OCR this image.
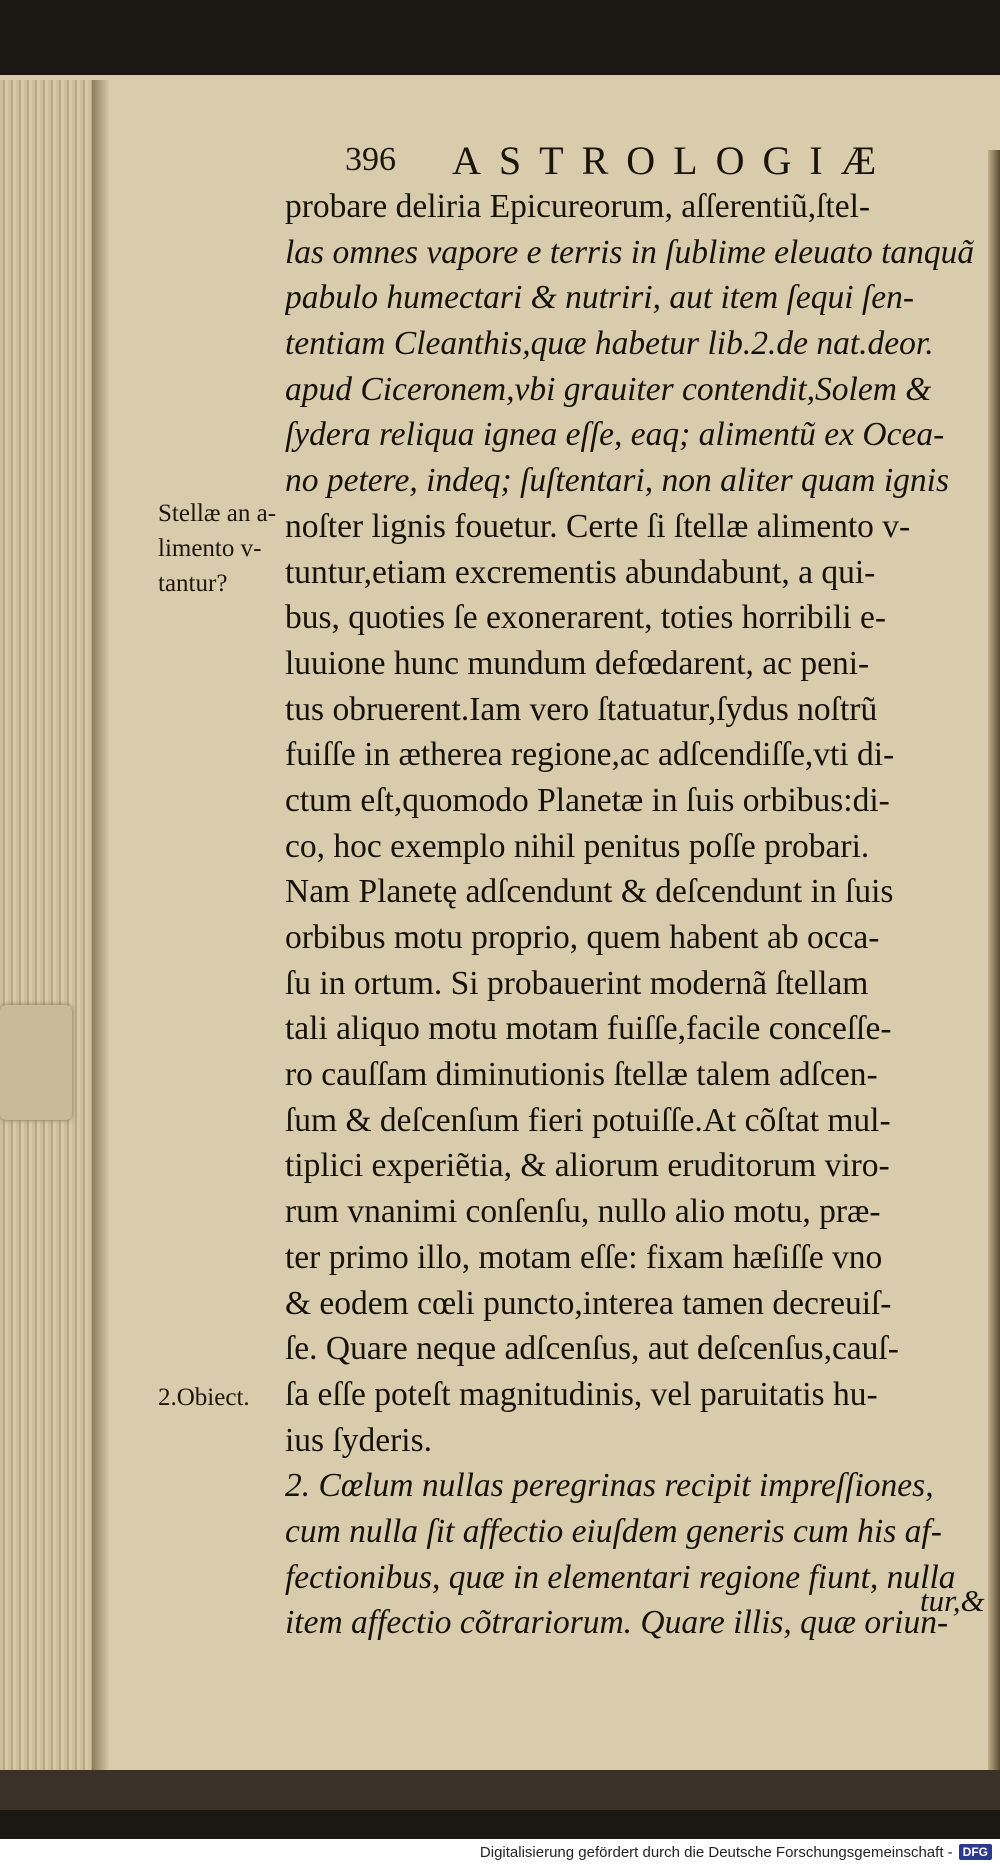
396 ASTROLOGIÆ
Stellæ an a-
limento v-
tantur?
2.Obiect.
probare deliria Epicureorum, aſſerentiũ,ſtel-
las omnes vapore e terris in ſublime eleuato tanquã
pabulo humectari & nutriri, aut item ſequi ſen-
tentiam Cleanthis,quæ habetur lib.2.de nat.deor.
apud Ciceronem,vbi grauiter contendit,Solem &
ſydera reliqua ignea eſſe, eaq; alimentũ ex Ocea-
no petere, indeq; ſuſtentari, non aliter quam ignis
noſter lignis fouetur. Certe ſi ſtellæ alimento v-
tuntur,etiam excrementis abundabunt, a qui-
bus, quoties ſe exonerarent, toties horribili e-
luuione hunc mundum defœdarent, ac peni-
tus obruerent.Iam vero ſtatuatur,ſydus noſtrũ
fuiſſe in ætherea regione,ac adſcendiſſe,vti di-
ctum eſt,quomodo Planetæ in ſuis orbibus:di-
co, hoc exemplo nihil penitus poſſe probari.
Nam Planetę adſcendunt & deſcendunt in ſuis
orbibus motu proprio, quem habent ab occa-
ſu in ortum. Si probauerint modernã ſtellam
tali aliquo motu motam fuiſſe,facile conceſſe-
ro cauſſam diminutionis ſtellæ talem adſcen-
ſum & deſcenſum fieri potuiſſe.At cõſtat mul-
tiplici experiẽtia, & aliorum eruditorum viro-
rum vnanimi conſenſu, nullo alio motu, præ-
ter primo illo, motam eſſe: fixam hæſiſſe vno
& eodem cœli puncto,interea tamen decreuiſ-
ſe. Quare neque adſcenſus, aut deſcenſus,cauſ-
ſa eſſe poteſt magnitudinis, vel paruitatis hu-
ius ſyderis.
2. Cœlum nullas peregrinas recipit impreſſiones,
cum nulla ſit affectio eiuſdem generis cum his af-
fectionibus, quæ in elementari regione fiunt, nulla
item affectio cõtrariorum. Quare illis, quæ oriun-
tur,&
Digitalisierung gefördert durch die Deutsche Forschungsgemeinschaft - DFG
